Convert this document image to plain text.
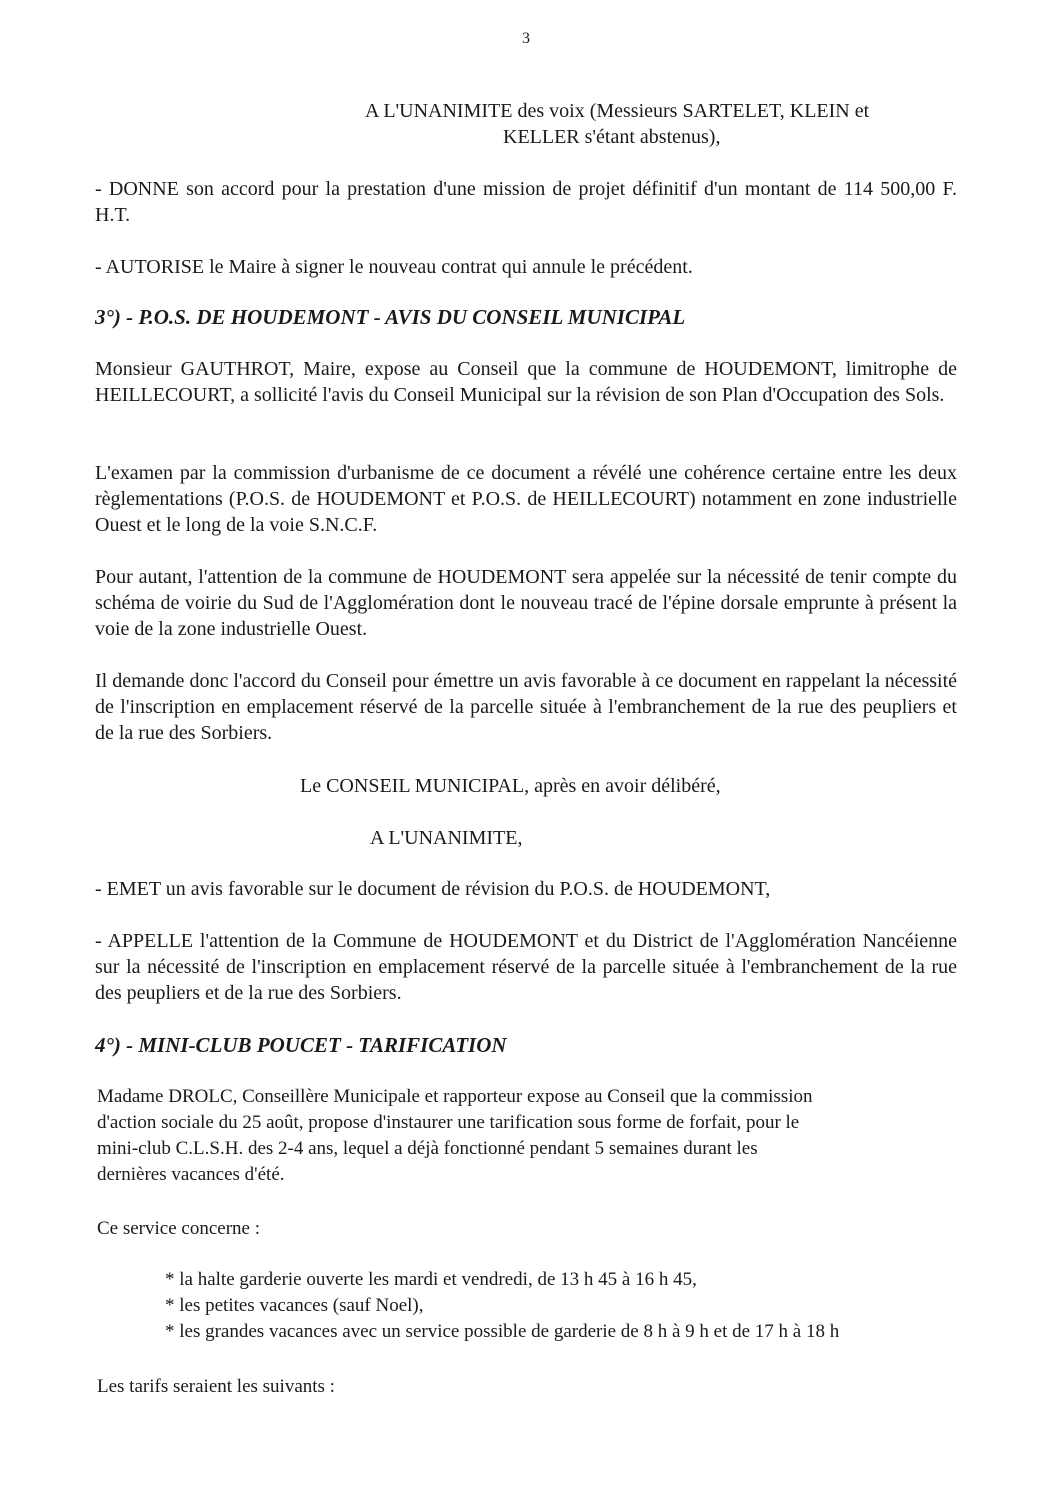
3

A L'UNANIMITE des voix (Messieurs SARTELET, KLEIN et

KELLER s'étant abstenus),

- DONNE son accord pour la prestation d'une mission de projet définitif d'un montant de 114 500,00 F. H.T.

- AUTORISE le Maire à signer le nouveau contrat qui annule le précédent.

3°) - P.O.S. DE HOUDEMONT - AVIS DU CONSEIL MUNICIPAL

Monsieur GAUTHROT, Maire, expose au Conseil que la commune de HOUDEMONT, limitrophe de HEILLECOURT, a sollicité l'avis du Conseil Municipal sur la révision de son Plan d'Occupation des Sols.

L'examen par la commission d'urbanisme de ce document a révélé une cohérence certaine entre les deux règlementations (P.O.S. de HOUDEMONT et P.O.S. de HEILLECOURT) notamment en zone industrielle Ouest et le long de la voie S.N.C.F.

Pour autant, l'attention de la commune de HOUDEMONT sera appelée sur la nécessité de tenir compte du schéma de voirie du Sud de l'Agglomération dont le nouveau tracé de l'épine dorsale emprunte à présent la voie de la zone industrielle Ouest.

Il demande donc l'accord du Conseil pour émettre un avis favorable à ce document en rappelant la nécessité de l'inscription en emplacement réservé de la parcelle située à l'embranchement de la rue des peupliers et de la rue des Sorbiers.

Le CONSEIL MUNICIPAL, après en avoir délibéré,

A L'UNANIMITE,

- EMET un avis favorable sur le document de révision du P.O.S. de HOUDEMONT,

- APPELLE l'attention de la Commune de HOUDEMONT et du District de l'Agglomération Nancéienne sur la nécessité de l'inscription en emplacement réservé de la parcelle située à l'embranchement de la rue des peupliers et de la rue des Sorbiers.

4°) - MINI-CLUB POUCET - TARIFICATION

Madame DROLC, Conseillère Municipale et rapporteur expose au Conseil que la commission

d'action sociale du 25 août, propose d'instaurer une tarification sous forme de forfait, pour le

mini-club C.L.S.H. des 2-4 ans, lequel a déjà fonctionné pendant 5 semaines durant les

dernières vacances d'été.

Ce service concerne :

* la halte garderie ouverte les mardi et vendredi, de 13 h 45 à 16 h 45,

* les petites vacances (sauf Noel),

* les grandes vacances avec un service possible de garderie de 8 h à 9 h et de 17 h à 18 h

Les tarifs seraient les suivants :
